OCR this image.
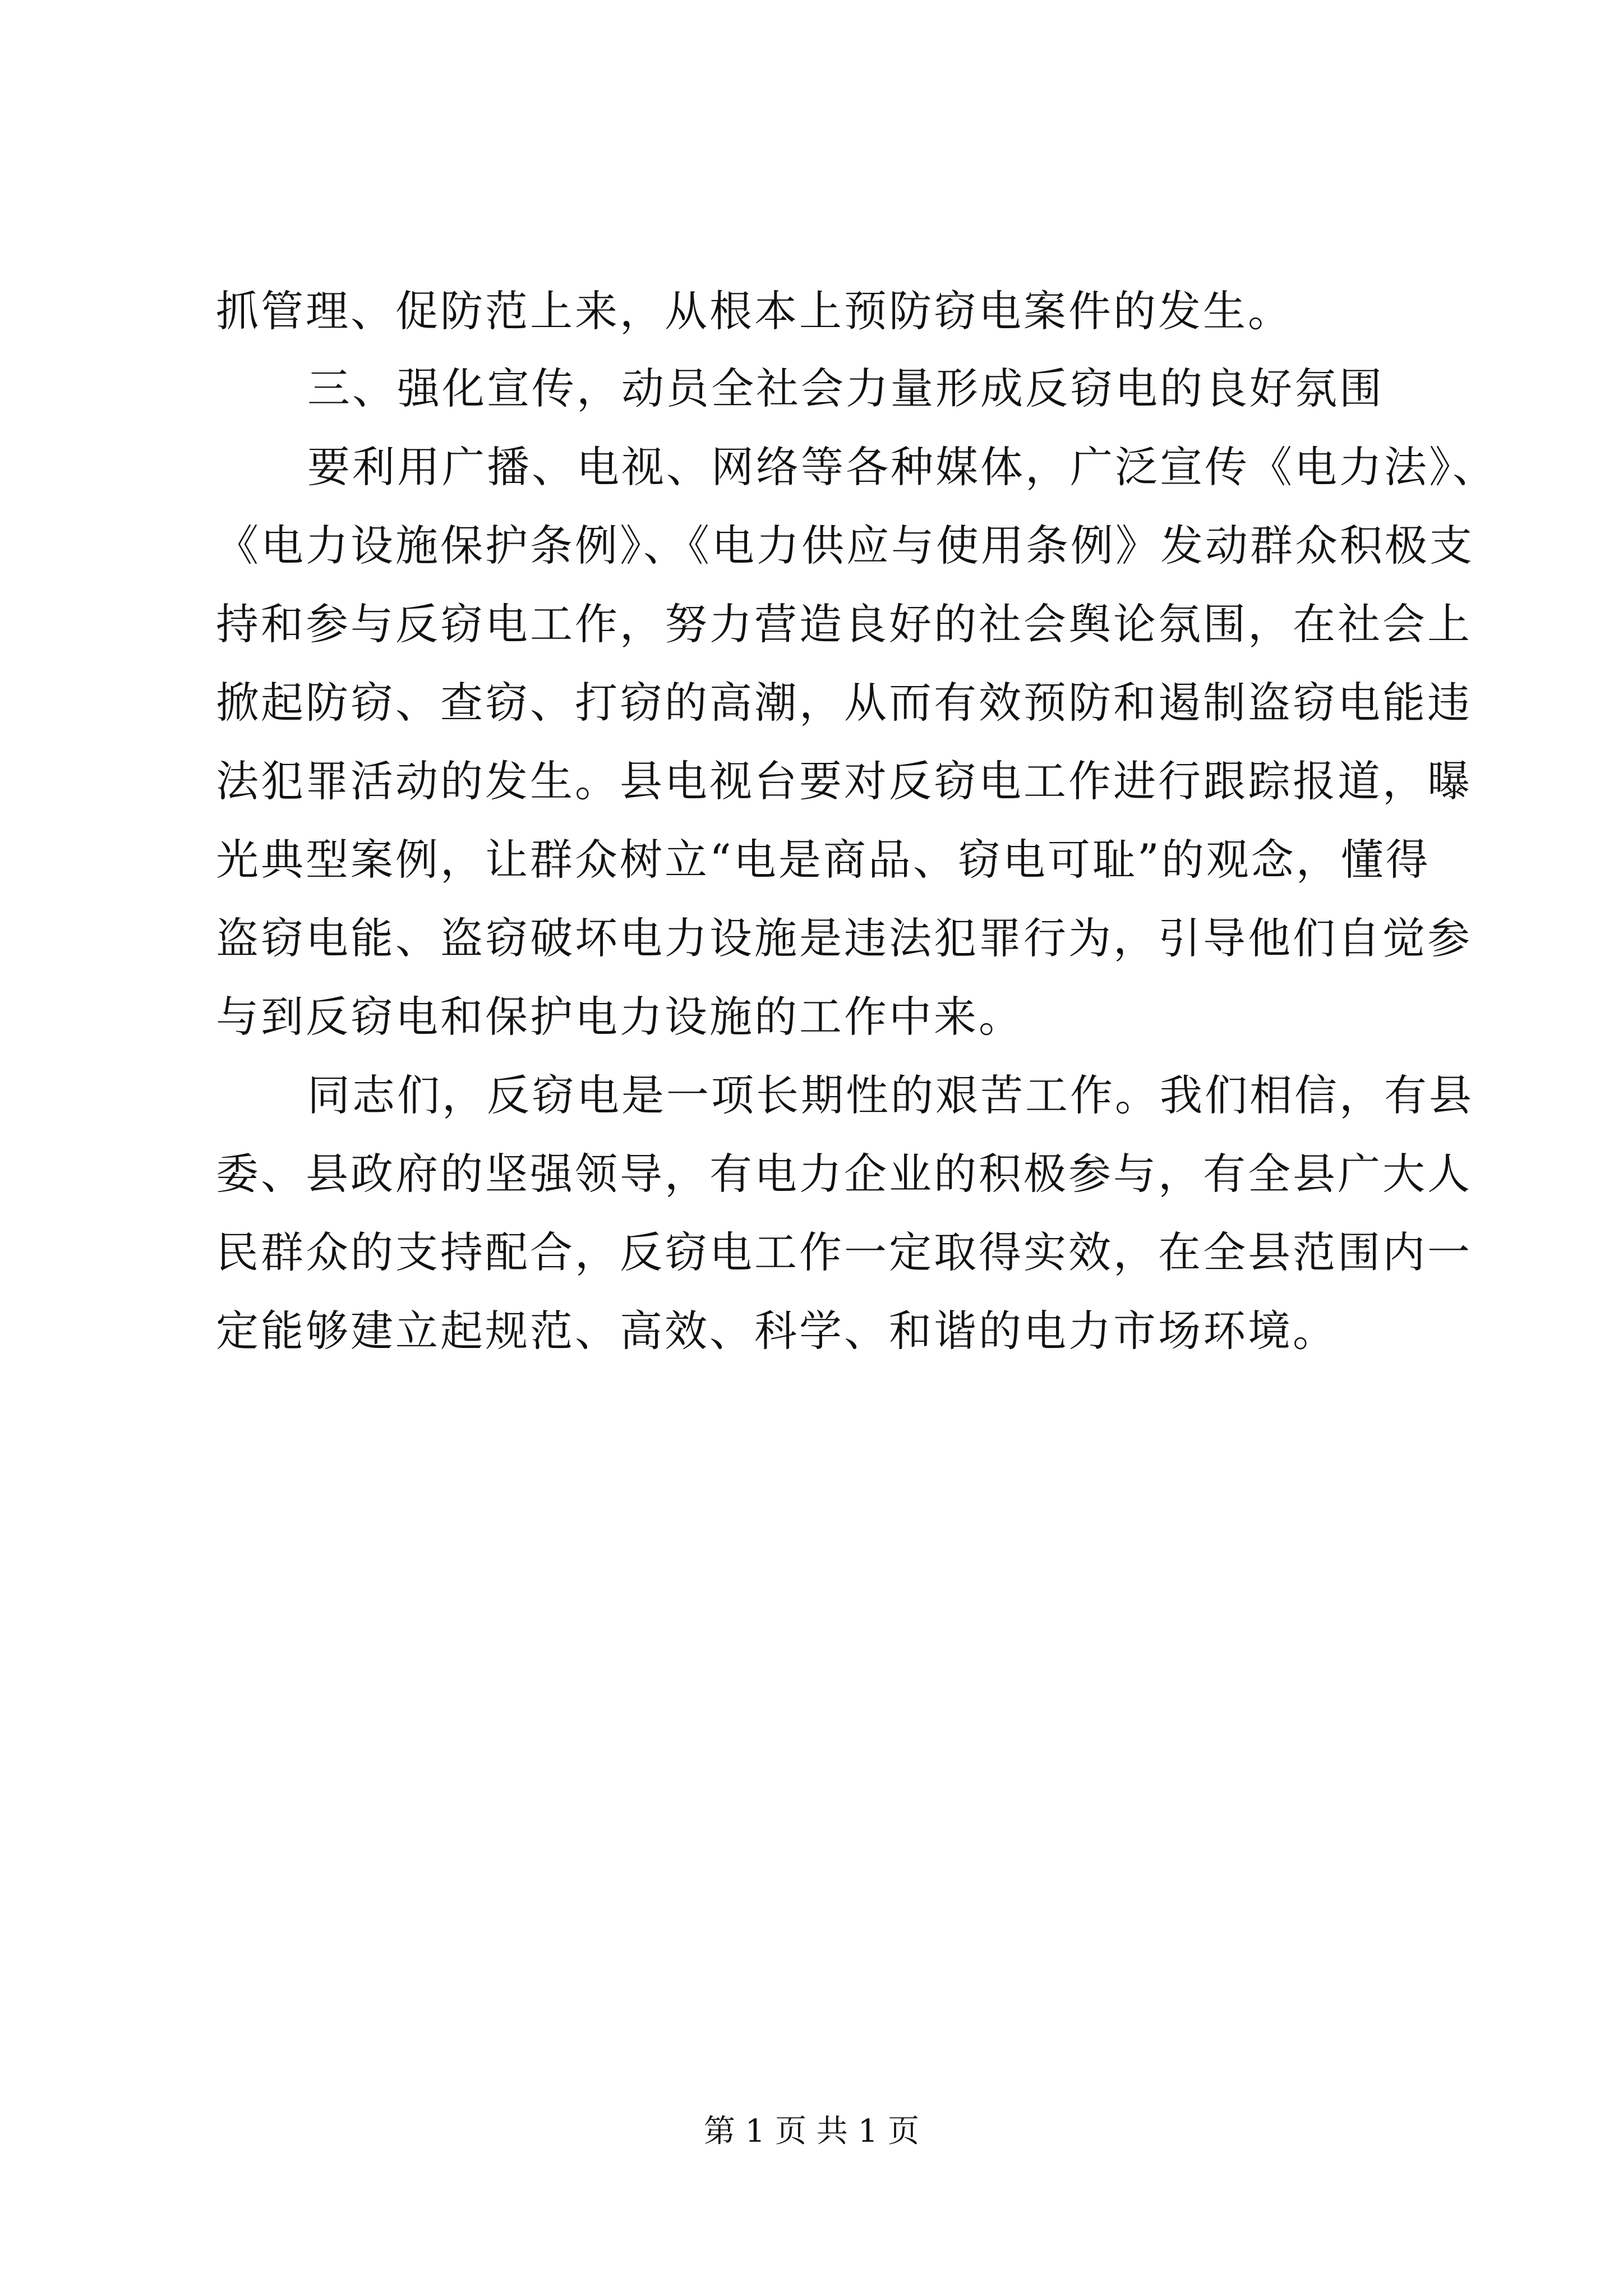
抓管理、促防范上来，从根本上预防窃电案件的发生。
三、强化宣传，动员全社会力量形成反窃电的良好氛围
要利用广播、电视、网络等各种媒体，广泛宣传《电力法》、
《电力设施保护条例》、《电力供应与使用条例》发动群众积极支
持和参与反窃电工作，努力营造良好的社会舆论氛围，在社会上
掀起防窃、查窃、打窃的高潮，从而有效预防和遏制盗窃电能违
法犯罪活动的发生。县电视台要对反窃电工作进行跟踪报道，曝
光典型案例，让群众树立“电是商品、窃电可耻”的观念，懂得
盗窃电能、盗窃破坏电力设施是违法犯罪行为，引导他们自觉参
与到反窃电和保护电力设施的工作中来。
同志们，反窃电是一项长期性的艰苦工作。我们相信，有县
委、县政府的坚强领导，有电力企业的积极参与，有全县广大人
民群众的支持配合，反窃电工作一定取得实效，在全县范围内一
定能够建立起规范、高效、科学、和谐的电力市场环境。
第 1 页 共 1 页
